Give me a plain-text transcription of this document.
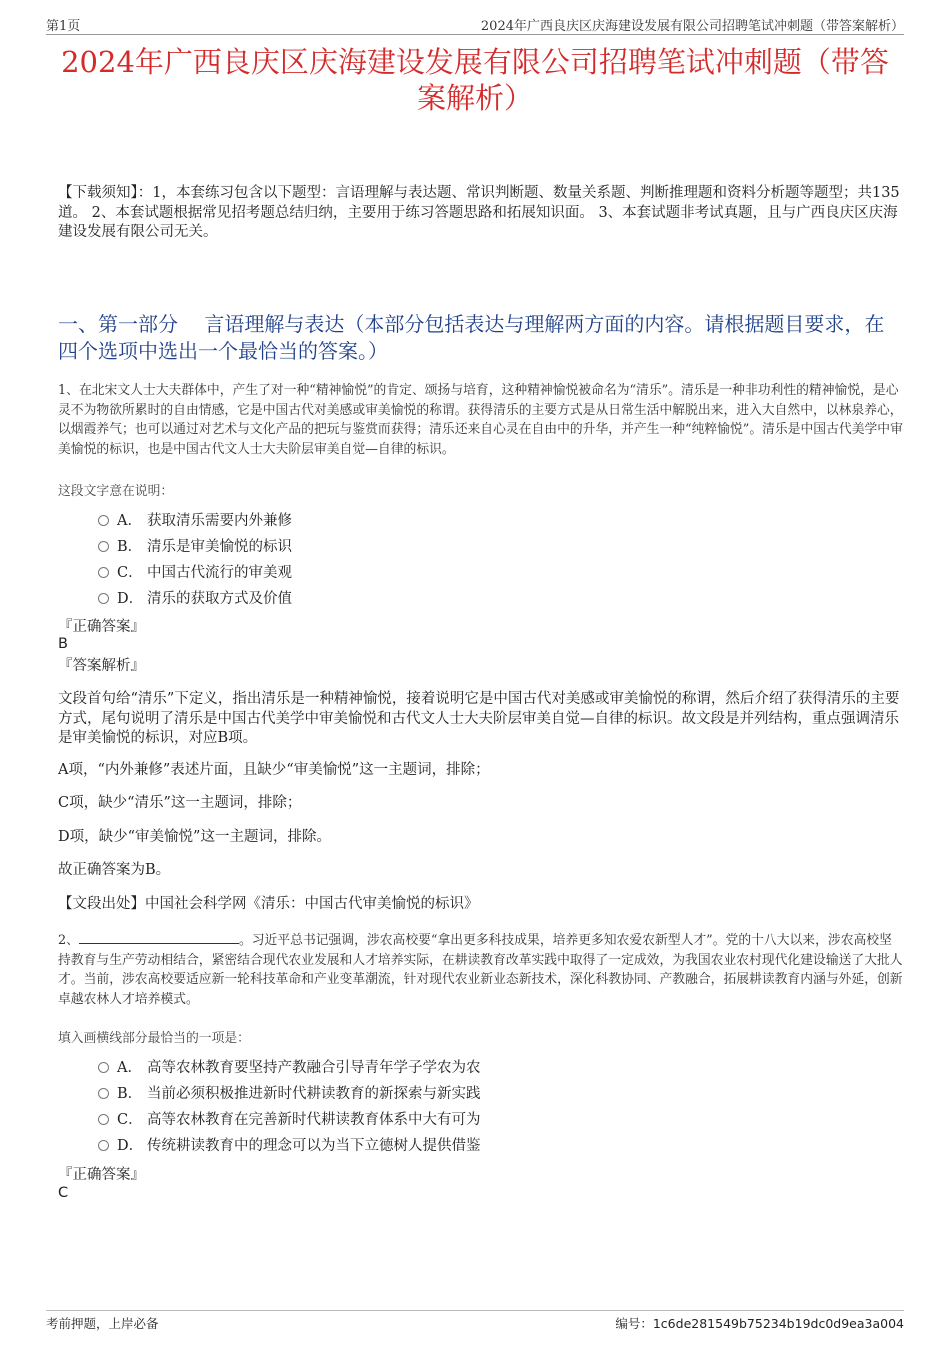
第1页	2024年广西良庆区庆海建设发展有限公司招聘笔试冲刺题（带答案解析）
2024年广西良庆区庆海建设发展有限公司招聘笔试冲刺题（带答案解析）

【下载须知】：1，本套练习包含以下题型：言语理解与表达题、常识判断题、数量关系题、判断推理题和资料分析题等题型；共135道。 2、本套试题根据常见招考题总结归纳，主要用于练习答题思路和拓展知识面。 3、本套试题非考试真题，且与广西良庆区庆海建设发展有限公司无关。

一、第一部分　 言语理解与表达（本部分包括表达与理解两方面的内容。请根据题目要求，在四个选项中选出一个最恰当的答案。）

1、在北宋文人士大夫群体中，产生了对一种“精神愉悦”的肯定、颂扬与培育，这种精神愉悦被命名为“清乐”。清乐是一种非功利性的精神愉悦，是心灵不为物欲所累时的自由情感，它是中国古代对美感或审美愉悦的称谓。获得清乐的主要方式是从日常生活中解脱出来，进入大自然中，以林泉养心，以烟霞养气；也可以通过对艺术与文化产品的把玩与鉴赏而获得；清乐还来自心灵在自由中的升华，并产生一种“纯粹愉悦”。清乐是中国古代美学中审美愉悦的标识，也是中国古代文人士大夫阶层审美自觉—自律的标识。

这段文字意在说明：

A． 获取清乐需要内外兼修
B． 清乐是审美愉悦的标识
C． 中国古代流行的审美观
D． 清乐的获取方式及价值

『正确答案』

B

『答案解析』

文段首句给“清乐”下定义，指出清乐是一种精神愉悦，接着说明它是中国古代对美感或审美愉悦的称谓，然后介绍了获得清乐的主要方式，尾句说明了清乐是中国古代美学中审美愉悦和古代文人士大夫阶层审美自觉—自律的标识。故文段是并列结构，重点强调清乐是审美愉悦的标识，对应B项。

A项，“内外兼修”表述片面，且缺少“审美愉悦”这一主题词，排除；

C项，缺少“清乐”这一主题词，排除；

D项，缺少“审美愉悦”这一主题词，排除。

故正确答案为B。

【文段出处】中国社会科学网《清乐：中国古代审美愉悦的标识》

2、	。习近平总书记强调，涉农高校要“拿出更多科技成果，培养更多知农爱农新型人才”。党的十八大以来，涉农高校坚持教育与生产劳动相结合，紧密结合现代农业发展和人才培养实际，在耕读教育改革实践中取得了一定成效，为我国农业农村现代化建设输送了大批人才。当前，涉农高校要适应新一轮科技革命和产业变革潮流，针对现代农业新业态新技术，深化科教协同、产教融合，拓展耕读教育内涵与外延，创新卓越农林人才培养模式。

填入画横线部分最恰当的一项是：

A． 高等农林教育要坚持产教融合引导青年学子学农为农
B． 当前必须积极推进新时代耕读教育的新探索与新实践
C． 高等农林教育在完善新时代耕读教育体系中大有可为
D． 传统耕读教育中的理念可以为当下立德树人提供借鉴

『正确答案』

C
考前押题，上岸必备	编号：1c6de281549b75234b19dc0d9ea3a004
